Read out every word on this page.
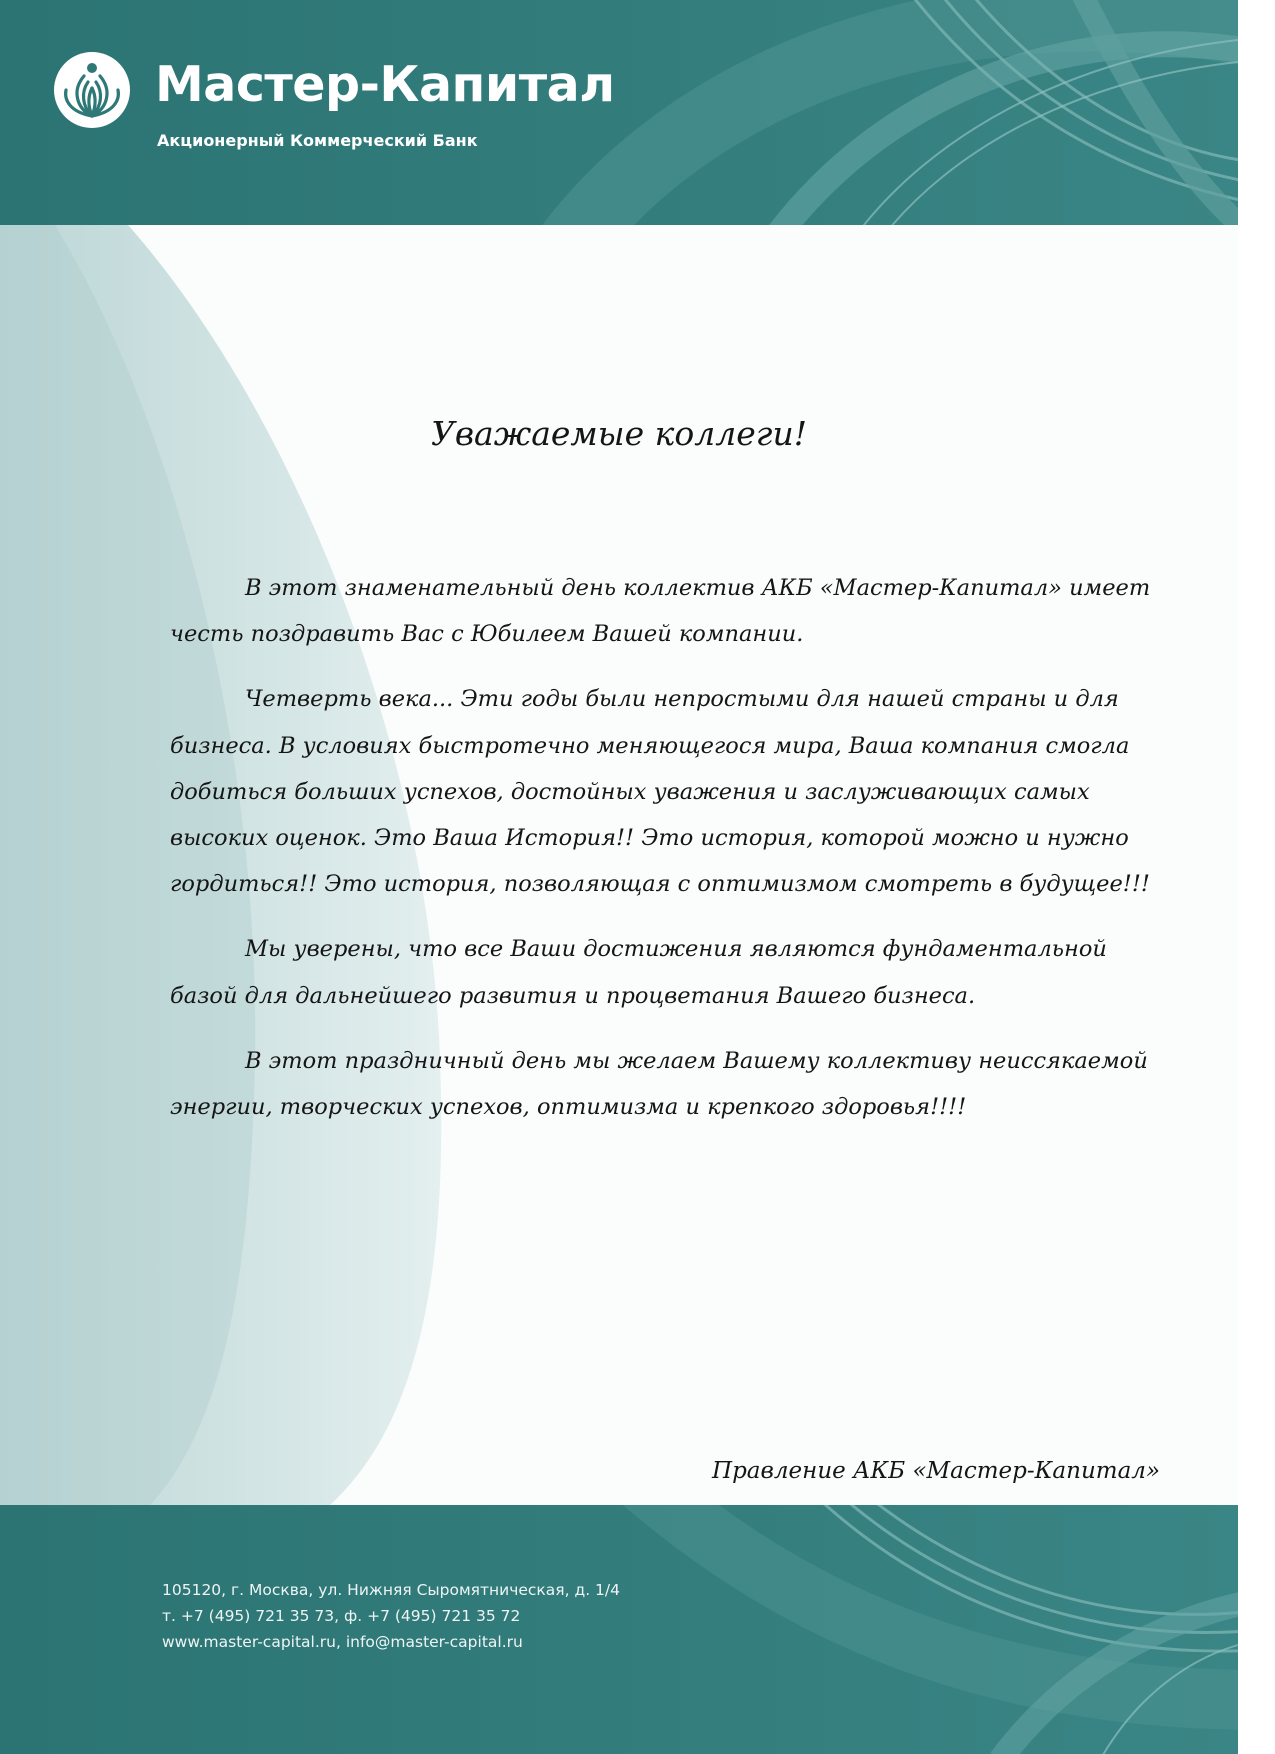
Мастер-Капитал
Акционерный Коммерческий Банк
Уважаемые коллеги!

В этот знаменательный день коллектив АКБ «Мастер-Капитал» имеет честь поздравить Вас с Юбилеем Вашей компании.

Четверть века... Эти годы были непростыми для нашей страны и для бизнеса. В условиях быстротечно меняющегося мира, Ваша компания смогла добиться больших успехов, достойных уважения и заслуживающих самых высоких оценок. Это Ваша История!! Это история, которой можно и нужно гордиться!! Это история, позволяющая с оптимизмом смотреть в будущее!!!

Мы уверены, что все Ваши достижения являются фундаментальной базой для дальнейшего развития и процветания Вашего бизнеса.

В этот праздничный день мы желаем Вашему коллективу неиссякаемой энергии, творческих успехов, оптимизма и крепкого здоровья!!!!

Правление АКБ «Мастер-Капитал»
105120, г. Москва, ул. Нижняя Сыромятническая, д. 1/4
т. +7 (495) 721 35 73, ф. +7 (495) 721 35 72
www.master-capital.ru, info@master-capital.ru
